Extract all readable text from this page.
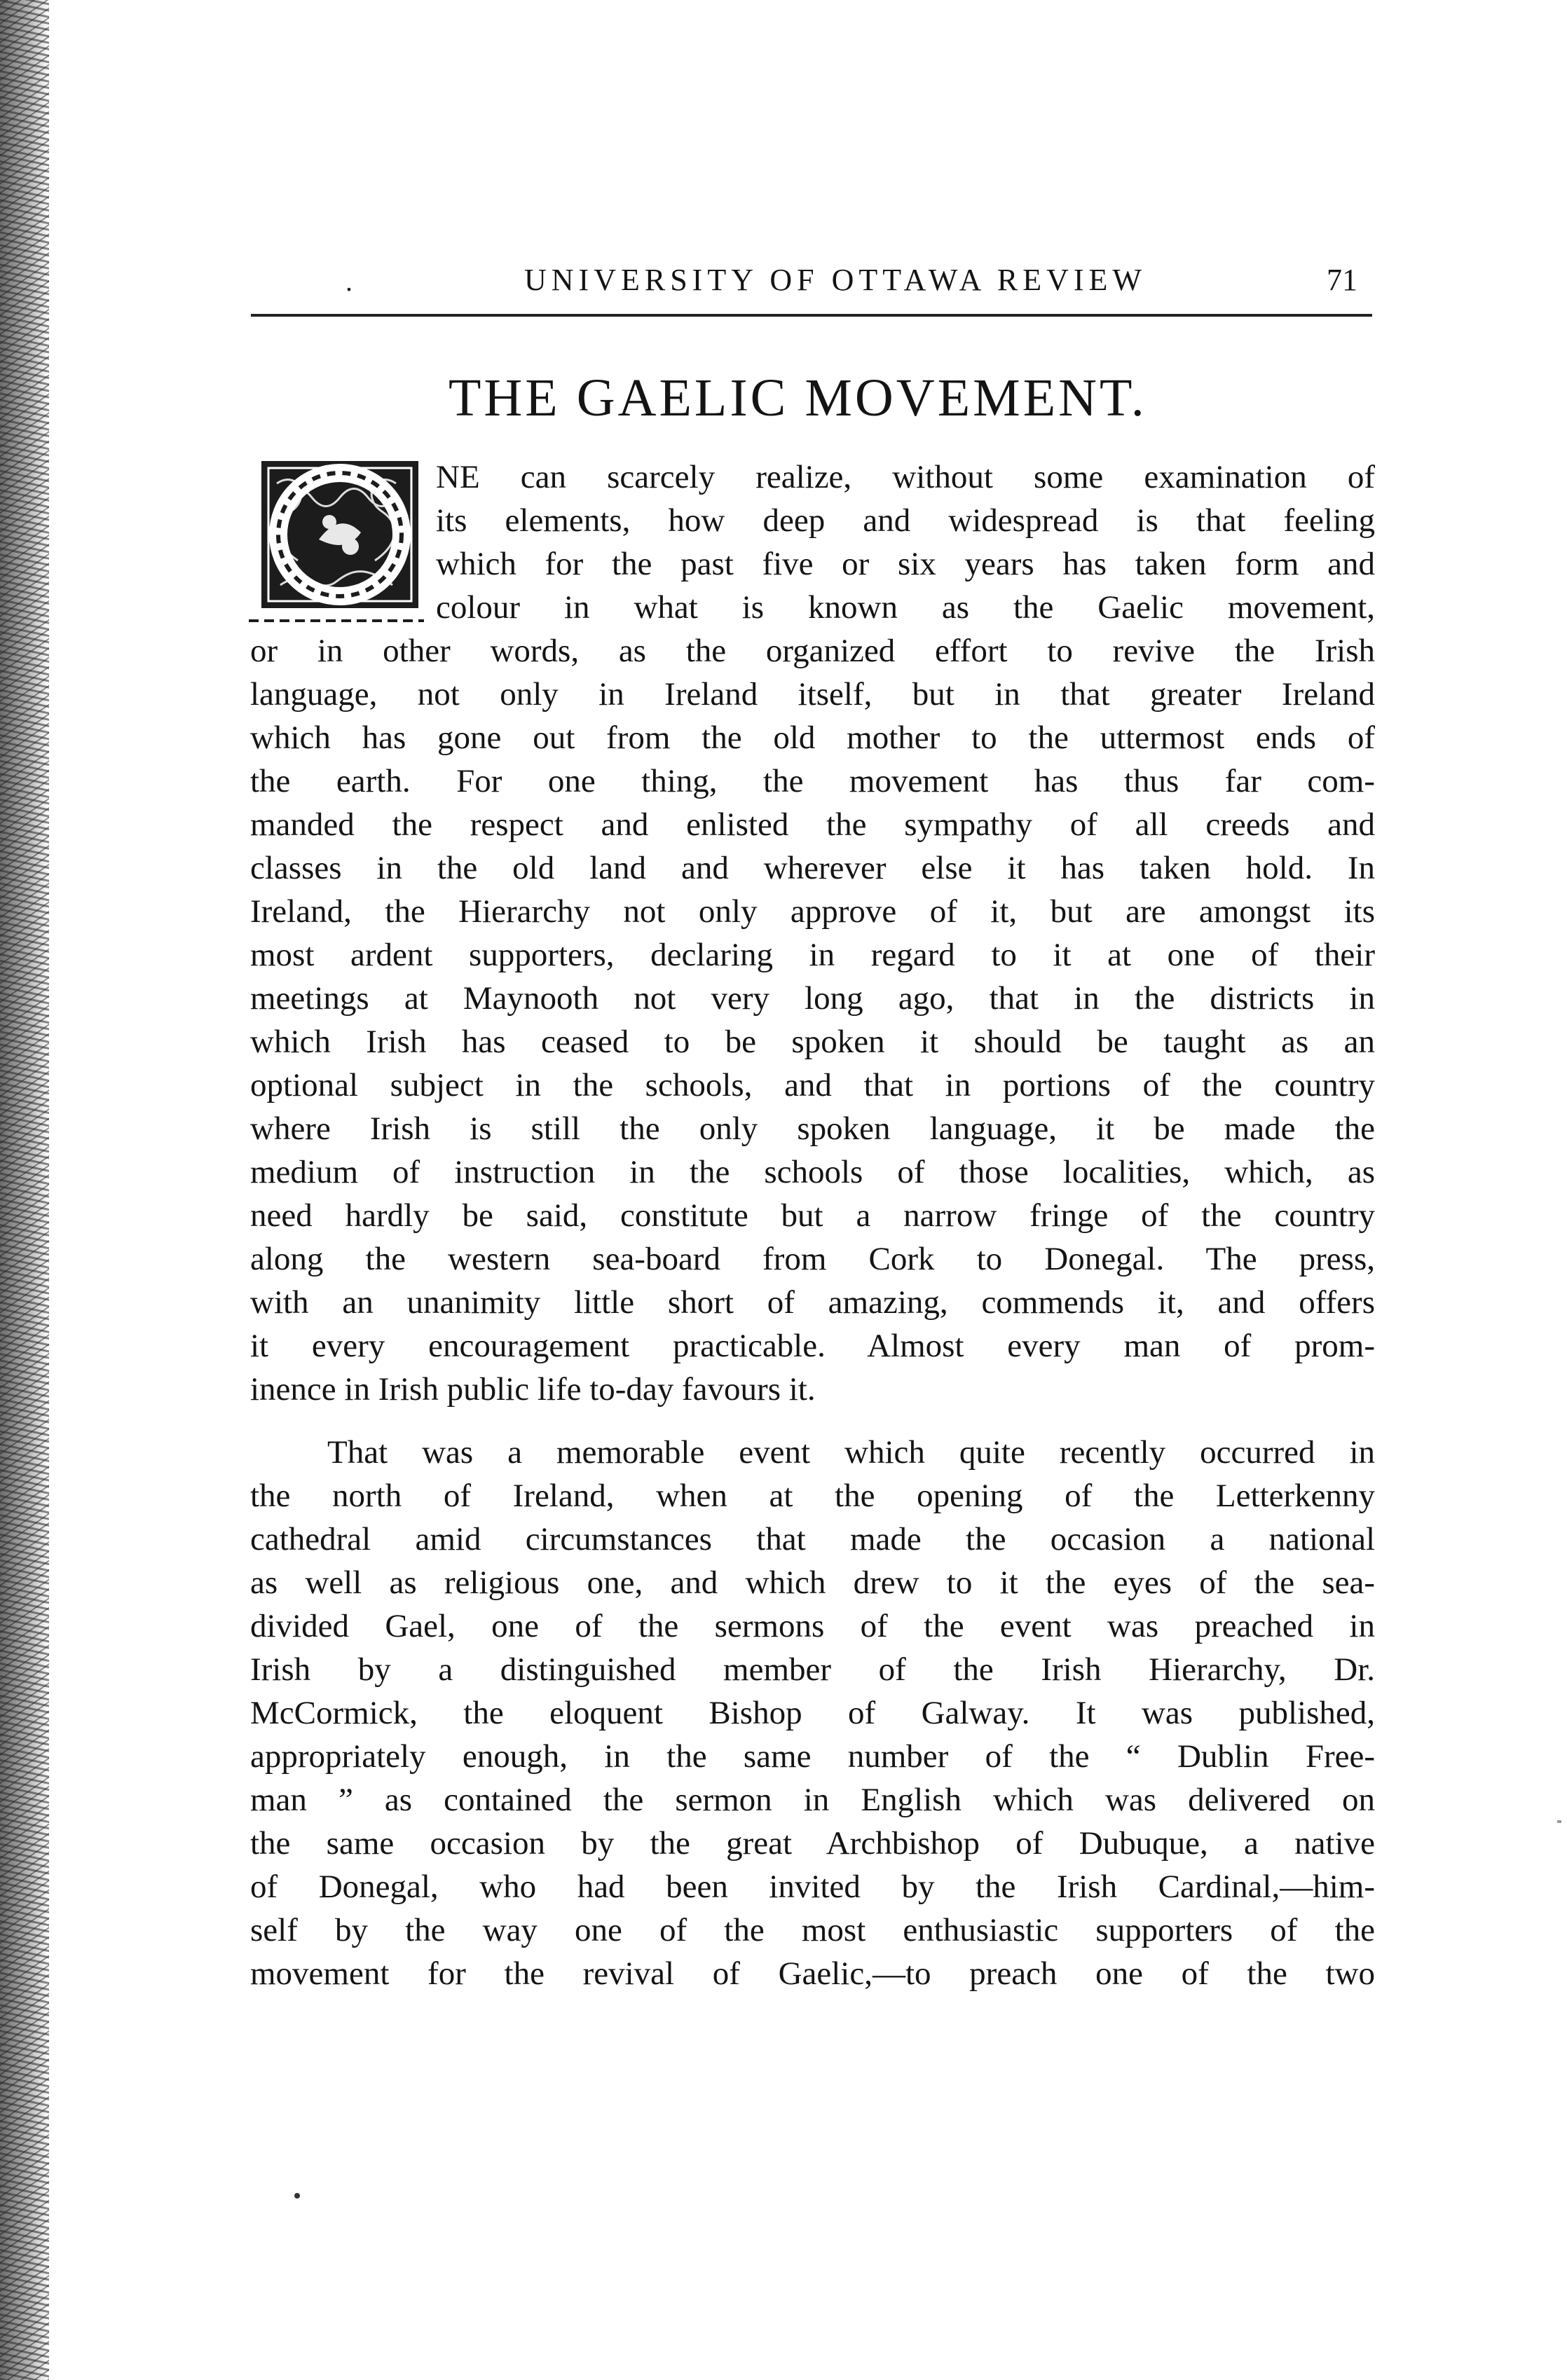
.	UNIVERSITY OF OTTAWA REVIEW	71
THE GAELIC MOVEMENT.
NE can scarcely realize, without some examination of
its elements, how deep and widespread is that feeling
which for the past five or six years has taken form and
colour in what is known as the Gaelic movement,
or in other words, as the organized effort to revive the Irish
language, not only in Ireland itself, but in that greater Ireland
which has gone out from the old mother to the uttermost ends of
the earth. For one thing, the movement has thus far com-
manded the respect and enlisted the sympathy of all creeds and
classes in the old land and wherever else it has taken hold. In
Ireland, the Hierarchy not only approve of it, but are amongst its
most ardent supporters, declaring in regard to it at one of their
meetings at Maynooth not very long ago, that in the districts in
which Irish has ceased to be spoken it should be taught as an
optional subject in the schools, and that in portions of the country
where Irish is still the only spoken language, it be made the
medium of instruction in the schools of those localities, which, as
need hardly be said, constitute but a narrow fringe of the country
along the western sea-board from Cork to Donegal. The press,
with an unanimity little short of amazing, commends it, and offers
it every encouragement practicable. Almost every man of prom-
inence in Irish public life to-day favours it.
That was a memorable event which quite recently occurred in
the north of Ireland, when at the opening of the Letterkenny
cathedral amid circumstances that made the occasion a national
as well as religious one, and which drew to it the eyes of the sea-
divided Gael, one of the sermons of the event was preached in
Irish by a distinguished member of the Irish Hierarchy, Dr.
McCormick, the eloquent Bishop of Galway. It was published,
appropriately enough, in the same number of the “ Dublin Free-
man ” as contained the sermon in English which was delivered on
the same occasion by the great Archbishop of Dubuque, a native
of Donegal, who had been invited by the Irish Cardinal,—him-
self by the way one of the most enthusiastic supporters of the
movement for the revival of Gaelic,—to preach one of the two
